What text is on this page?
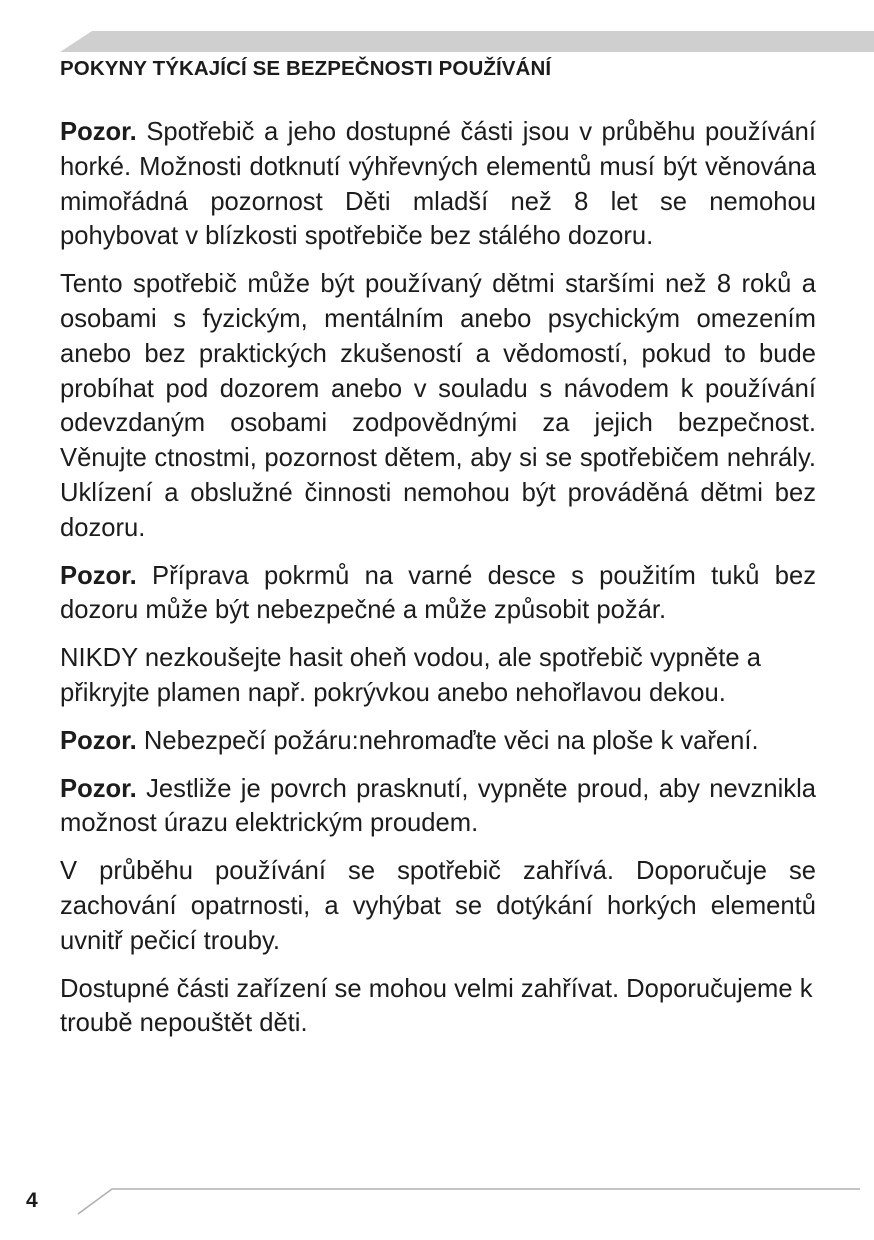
POKYNY TÝKAJÍCÍ SE BEZPEČNOSTI POUŽÍVÁNÍ

Pozor. Spotřebič a jeho dostupné části jsou v průběhu používání horké. Možnosti dotknutí výhřevných elementů musí být věnována mimořádná pozornost Děti mladší než 8 let se nemohou pohybovat v blízkosti spotřebiče bez stálého dozoru.

Tento spotřebič může být používaný dětmi staršími než 8 roků a osobami s fyzickým, mentálním anebo psychickým omezením anebo bez praktických zkušeností a vědomostí, pokud to bude probíhat pod dozorem anebo v souladu s návodem k používání odevzdaným osobami zodpovědnými za jejich bezpečnost. Věnujte ctnostmi, pozornost dětem, aby si se spotřebičem nehrály. Uklízení a obslužné činnosti nemohou být prováděná dětmi bez dozoru.

Pozor. Příprava pokrmů na varné desce s použitím tuků bez dozoru může být nebezpečné a může způsobit požár.

NIKDY nezkoušejte hasit oheň vodou, ale spotřebič vypněte a přikryjte plamen např. pokrývkou anebo nehořlavou dekou.

Pozor. Nebezpečí požáru:nehromaďte věci na ploše k vaření.

Pozor. Jestliže je povrch prasknutí, vypněte proud, aby nevznikla možnost úrazu elektrickým proudem.

V průběhu používání se spotřebič zahřívá. Doporučuje se zachování opatrnosti, a vyhýbat se dotýkání horkých elementů uvnitř pečicí trouby.

Dostupné části zařízení se mohou velmi zahřívat. Doporučujeme k troubě nepouštět děti.

4
